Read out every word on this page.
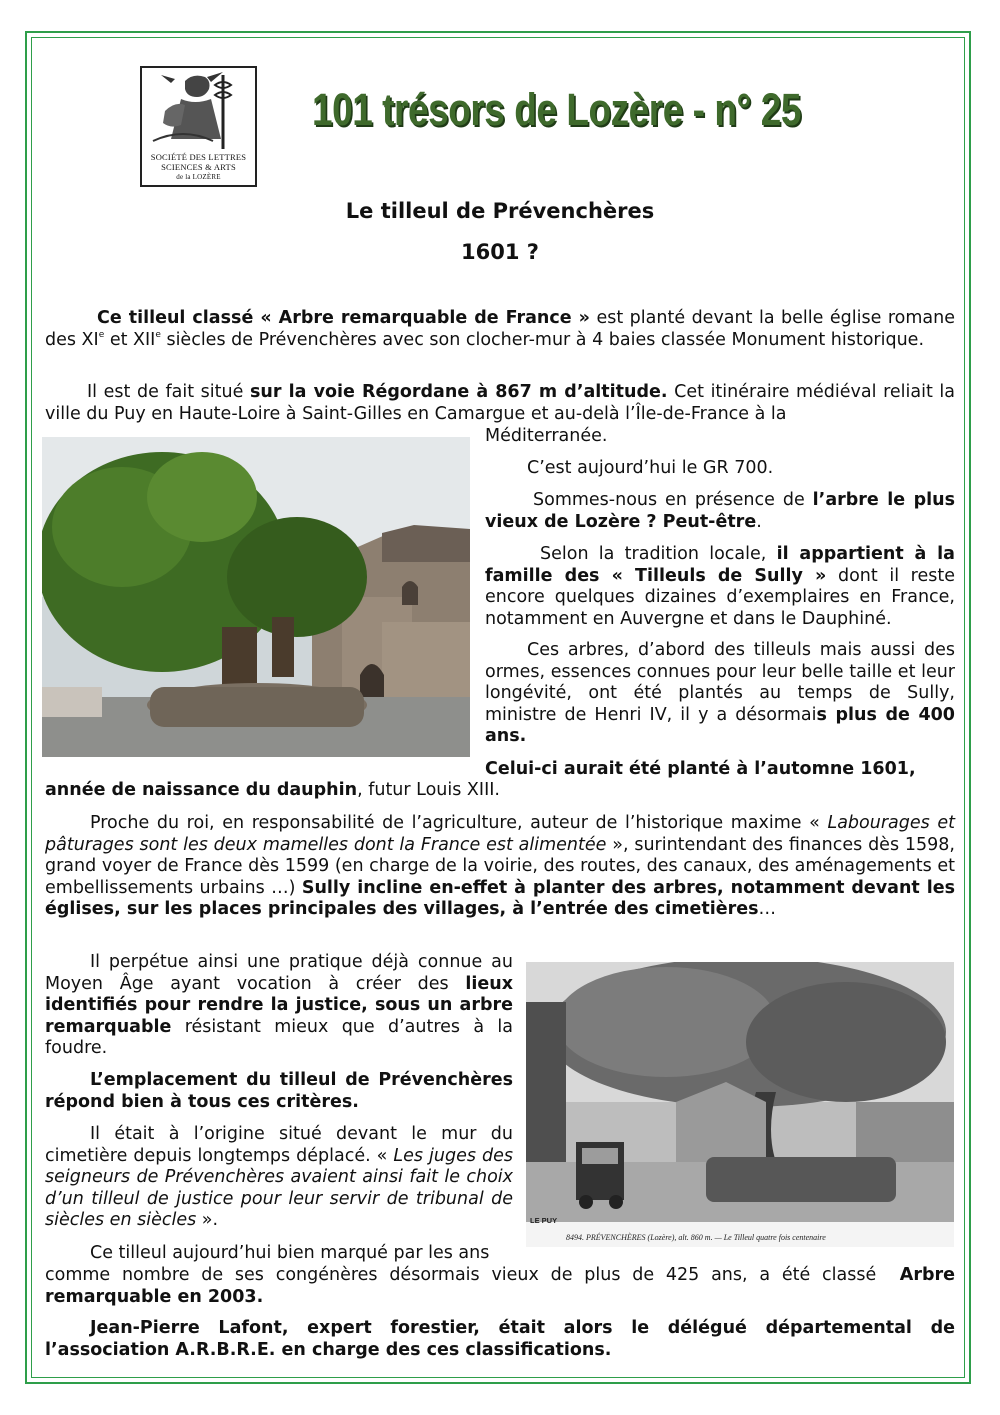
SOCIÉTÉ DES LETTRES
SCIENCES & ARTS
de la LOZÈRE
101 trésors de Lozère - n° 25
Le tilleul de Prévenchères
1601 ?

Ce tilleul classé « Arbre remarquable de France » est planté devant la belle église romane des XIe et XIIe siècles de Prévenchères avec son clocher-mur à 4 baies classée Monument historique.

Il est de fait situé sur la voie Régordane à 867 m d’altitude. Cet itinéraire médiéval reliait la ville du Puy en Haute-Loire à Saint-Gilles en Camargue et au-delà l’Île-de-France à la

Méditerranée.

C’est aujourd’hui le GR 700.

Sommes-nous en présence de l’arbre le plus vieux de Lozère ? Peut-être.

Selon la tradition locale, il appartient à la famille des « Tilleuls de Sully » dont il reste encore quelques dizaines d’exemplaires en France, notamment en Auvergne et dans le Dauphiné.

Ces arbres, d’abord des tilleuls mais aussi des ormes, essences connues pour leur belle taille et leur longévité, ont été plantés au temps de Sully, ministre de Henri IV, il y a désormais plus de 400 ans.

Celui-ci aurait été planté à l’automne 1601,

année de naissance du dauphin, futur Louis XIII.

Proche du roi, en responsabilité de l’agriculture, auteur de l’historique maxime « Labourages et pâturages sont les deux mamelles dont la France est alimentée », surintendant des finances dès 1598, grand voyer de France dès 1599 (en charge de la voirie, des routes, des canaux, des aménagements et embellissements urbains …) Sully incline en-effet à planter des arbres, notamment devant les églises, sur les places principales des villages, à l’entrée des cimetières…

Il perpétue ainsi une pratique déjà connue au Moyen Âge ayant vocation à créer des lieux identifiés pour rendre la justice, sous un arbre remarquable résistant mieux que d’autres à la foudre.

L’emplacement du tilleul de Prévenchères répond bien à tous ces critères.

Il était à l’origine situé devant le mur du cimetière depuis longtemps déplacé. « Les juges des seigneurs de Prévenchères avaient ainsi fait le choix d’un tilleul de justice pour leur servir de tribunal de siècles en siècles ».	LE PUY
8494. PRÉVENCHÈRES (Lozère), alt. 860 m. — Le Tilleul quatre fois centenaire

Ce tilleul aujourd’hui bien marqué par les ans

comme nombre de ses congénères désormais vieux de plus de 425 ans, a été classé  Arbre remarquable en 2003.

Jean-Pierre Lafont, expert forestier, était alors le délégué départemental de l’association A.R.B.R.E. en charge des ces classifications.
